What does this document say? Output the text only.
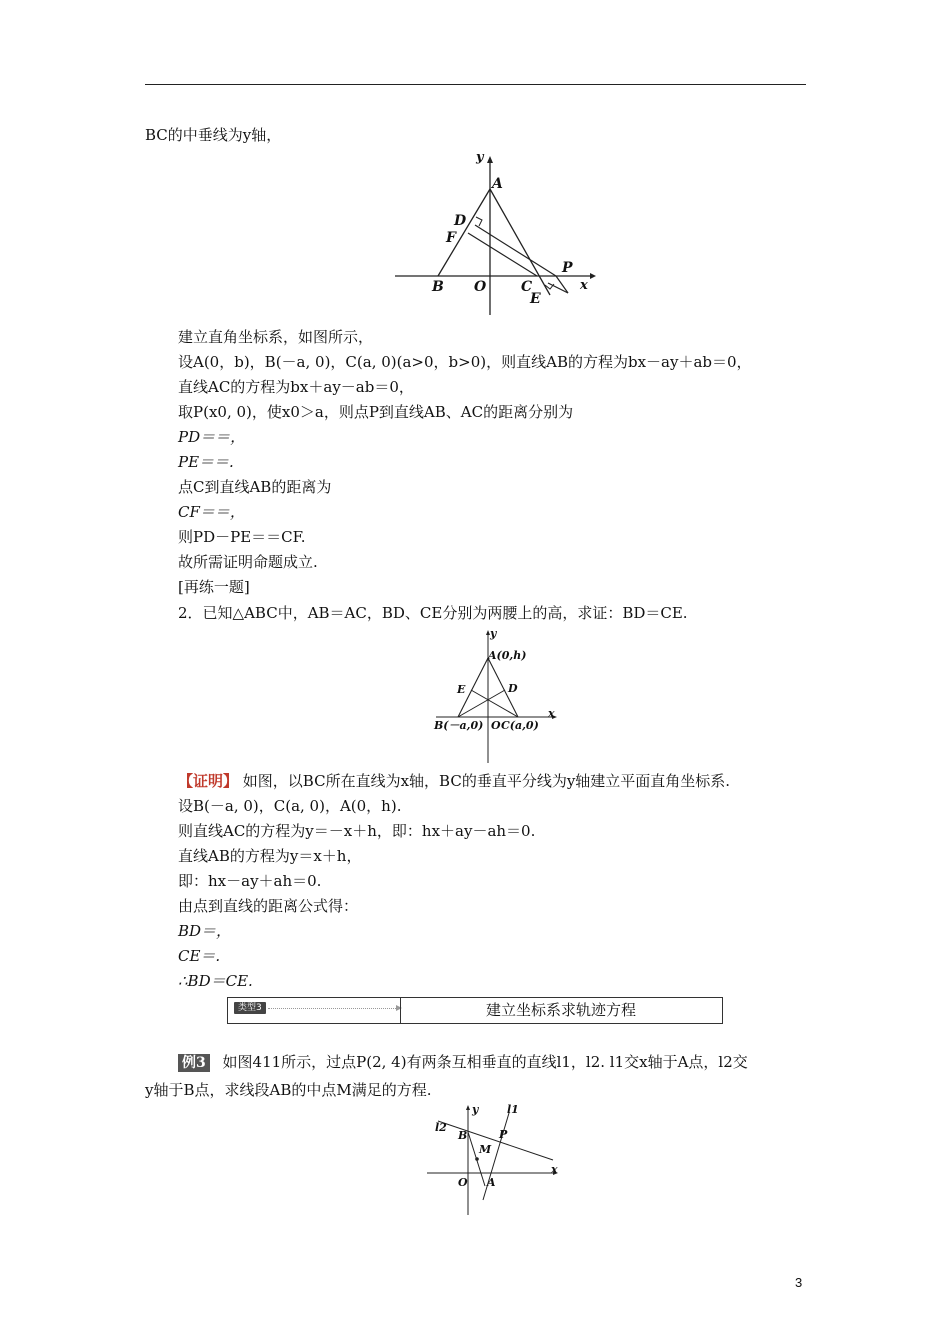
BC的中垂线为y轴，
y
A
D
F
P
B O C
E
x
建立直角坐标系，如图所示，
设A(0，b)，B(－a, 0)，C(a, 0)(a>0，b>0)，则直线AB的方程为bx－ay＋ab＝0，
直线AC的方程为bx＋ay－ab＝0，
取P(x0, 0)，使x0＞a，则点P到直线AB、AC的距离分别为
PD＝＝，
PE＝＝.
点C到直线AB的距离为
CF＝＝，
则PD－PE＝＝CF.
故所需证明命题成立.
[再练一题]
2．已知△ABC中，AB＝AC，BD、CE分别为两腰上的高，求证：BD＝CE.
y
A(0,h)
E	D
B(－a,0) O C(a,0)
x
【证明】 如图，以BC所在直线为x轴，BC的垂直平分线为y轴建立平面直角坐标系.
设B(－a, 0)，C(a, 0)，A(0，h).
则直线AC的方程为y＝－x＋h，即：hx＋ay－ah＝0.
直线AB的方程为y＝x＋h，
即：hx－ay＋ah＝0.
由点到直线的距离公式得：
BD＝，
CE＝.
∴BD＝CE.
类型3	建立坐标系求轨迹方程
例3 如图411所示，过点P(2, 4)有两条互相垂直的直线l1，l2. l1交x轴于A点，l2交
y轴于B点，求线段AB的中点M满足的方程.
y	l1
l2
B	P
M
x
O A
3
